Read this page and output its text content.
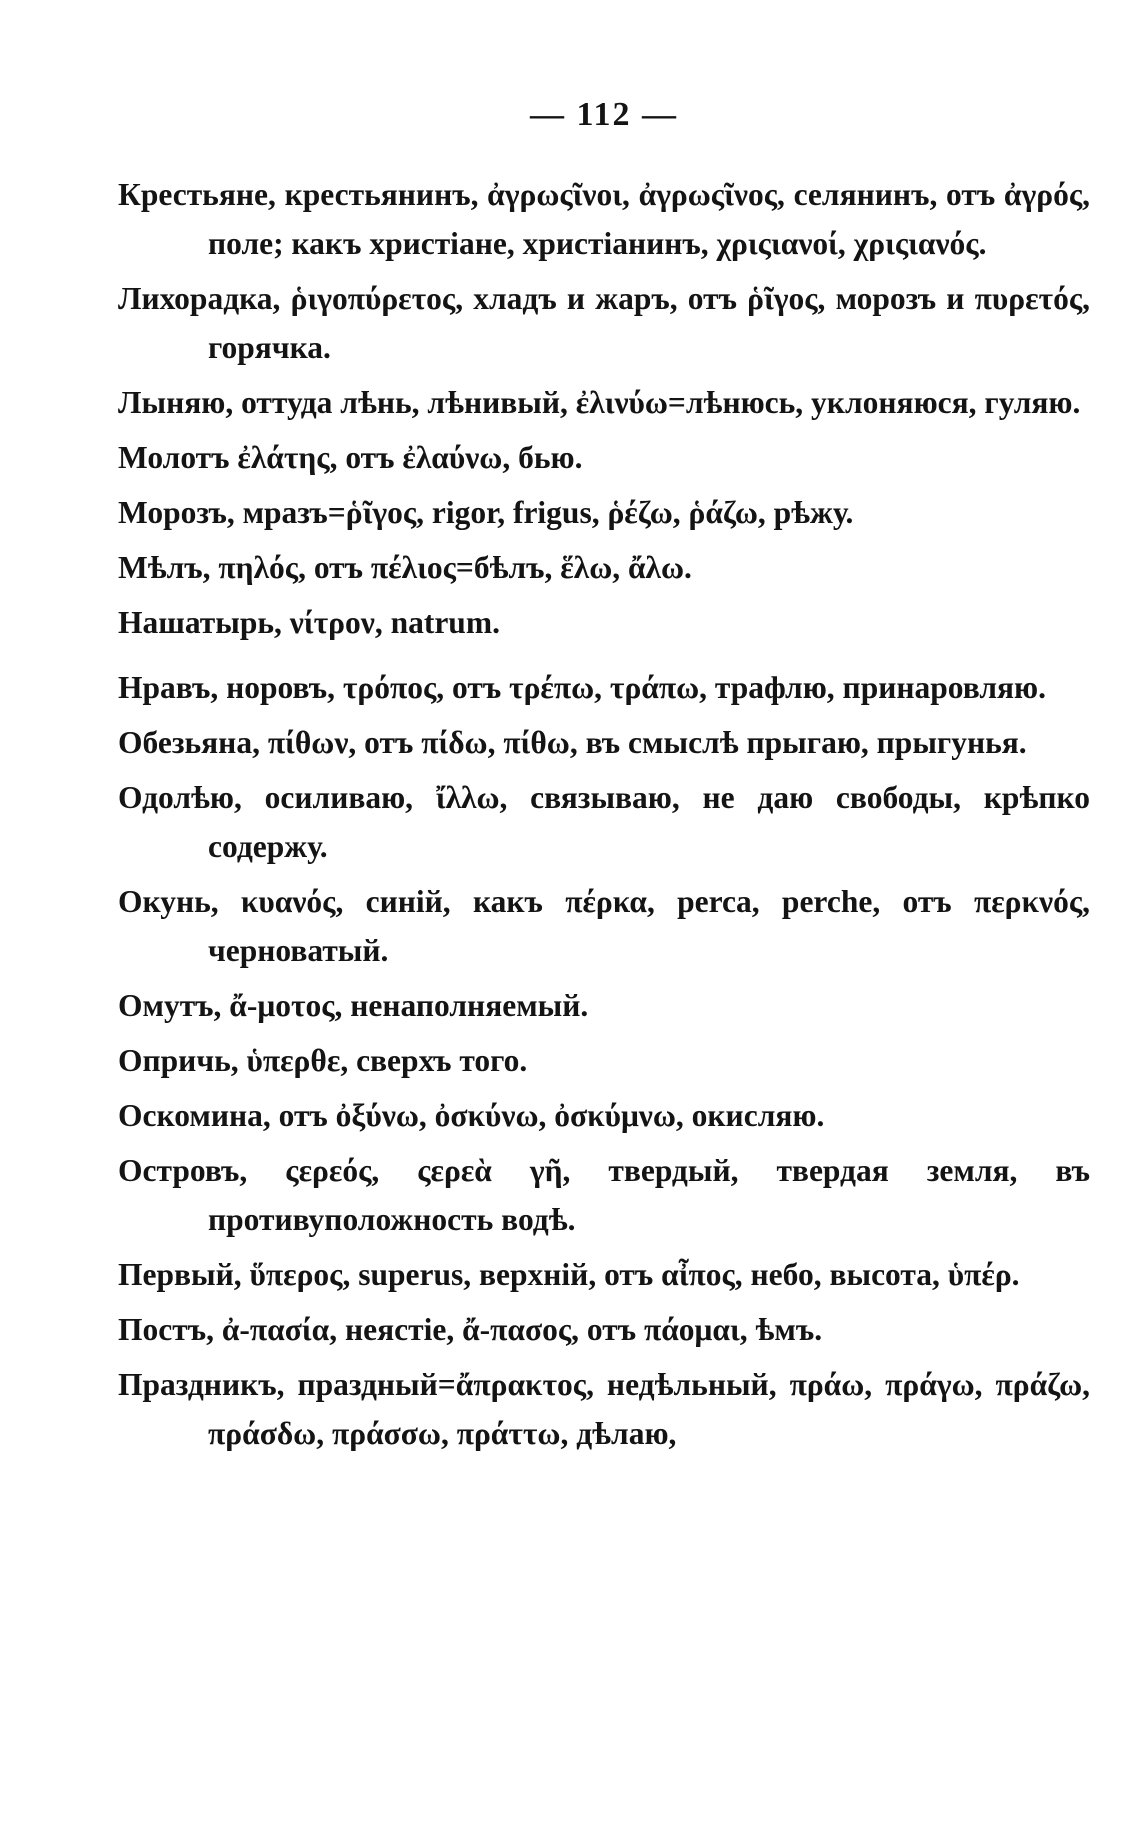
— 112 —

Крестьяне, крестьянинъ, ἀγρωςῖνοι, ἀγρωςῖνος, селянинъ, отъ ἀγρός, поле; какъ христіане, христіанинъ, χριςιανοί, χριςιανός.

Лихорадка, ῥιγοπύρετος, хладъ и жаръ, отъ ῥῖγος, морозъ и πυρετός, горячка.

Лыняю, оттуда лѣнь, лѣнивый, ἐλινύω=лѣнюсь, уклоняюся, гуляю.

Молотъ ἐλάτης, отъ ἐλαύνω, бью.

Морозъ, мразъ=ῥῖγος, rigor, frigus, ῥέζω, ῥάζω, рѣжу.

Мѣлъ, πηλός, отъ πέλιος=бѣлъ, ἕλω, ἄλω.

Нашатырь, νίτρον, natrum.

Нравъ, норовъ, τρόπος, отъ τρέπω, τράπω, трафлю, принаровляю.

Обезьяна, πίθων, отъ πίδω, πίθω, въ смыслѣ прыгаю, прыгунья.

Одолѣю, осиливаю, ἴλλω, связываю, не даю свободы, крѣпко содержу.

Окунь, κυανός, синій, какъ πέρκα, perca, perche, отъ περκνός, черноватый.

Омутъ, ἄ-μοτος, ненаполняемый.

Опричь, ὑπερθε, сверхъ того.

Оскомина, отъ ὀξύνω, ὀσκύνω, ὀσκύμνω, окисляю.

Островъ, ςερεός, ςερεὰ γῆ, твердый, твердая земля, въ противуположность водѣ.

Первый, ὕπερος, superus, верхній, отъ αἶπος, небо, высота, ὑπέρ.

Постъ, ἀ-πασία, неястіе, ἄ-πασος, отъ πάομαι, ѣмъ.

Праздникъ, праздный=ἄπρακτος, недѣльный, πράω, πράγω, πράζω, πράσδω, πράσσω, πράττω, дѣлаю,
